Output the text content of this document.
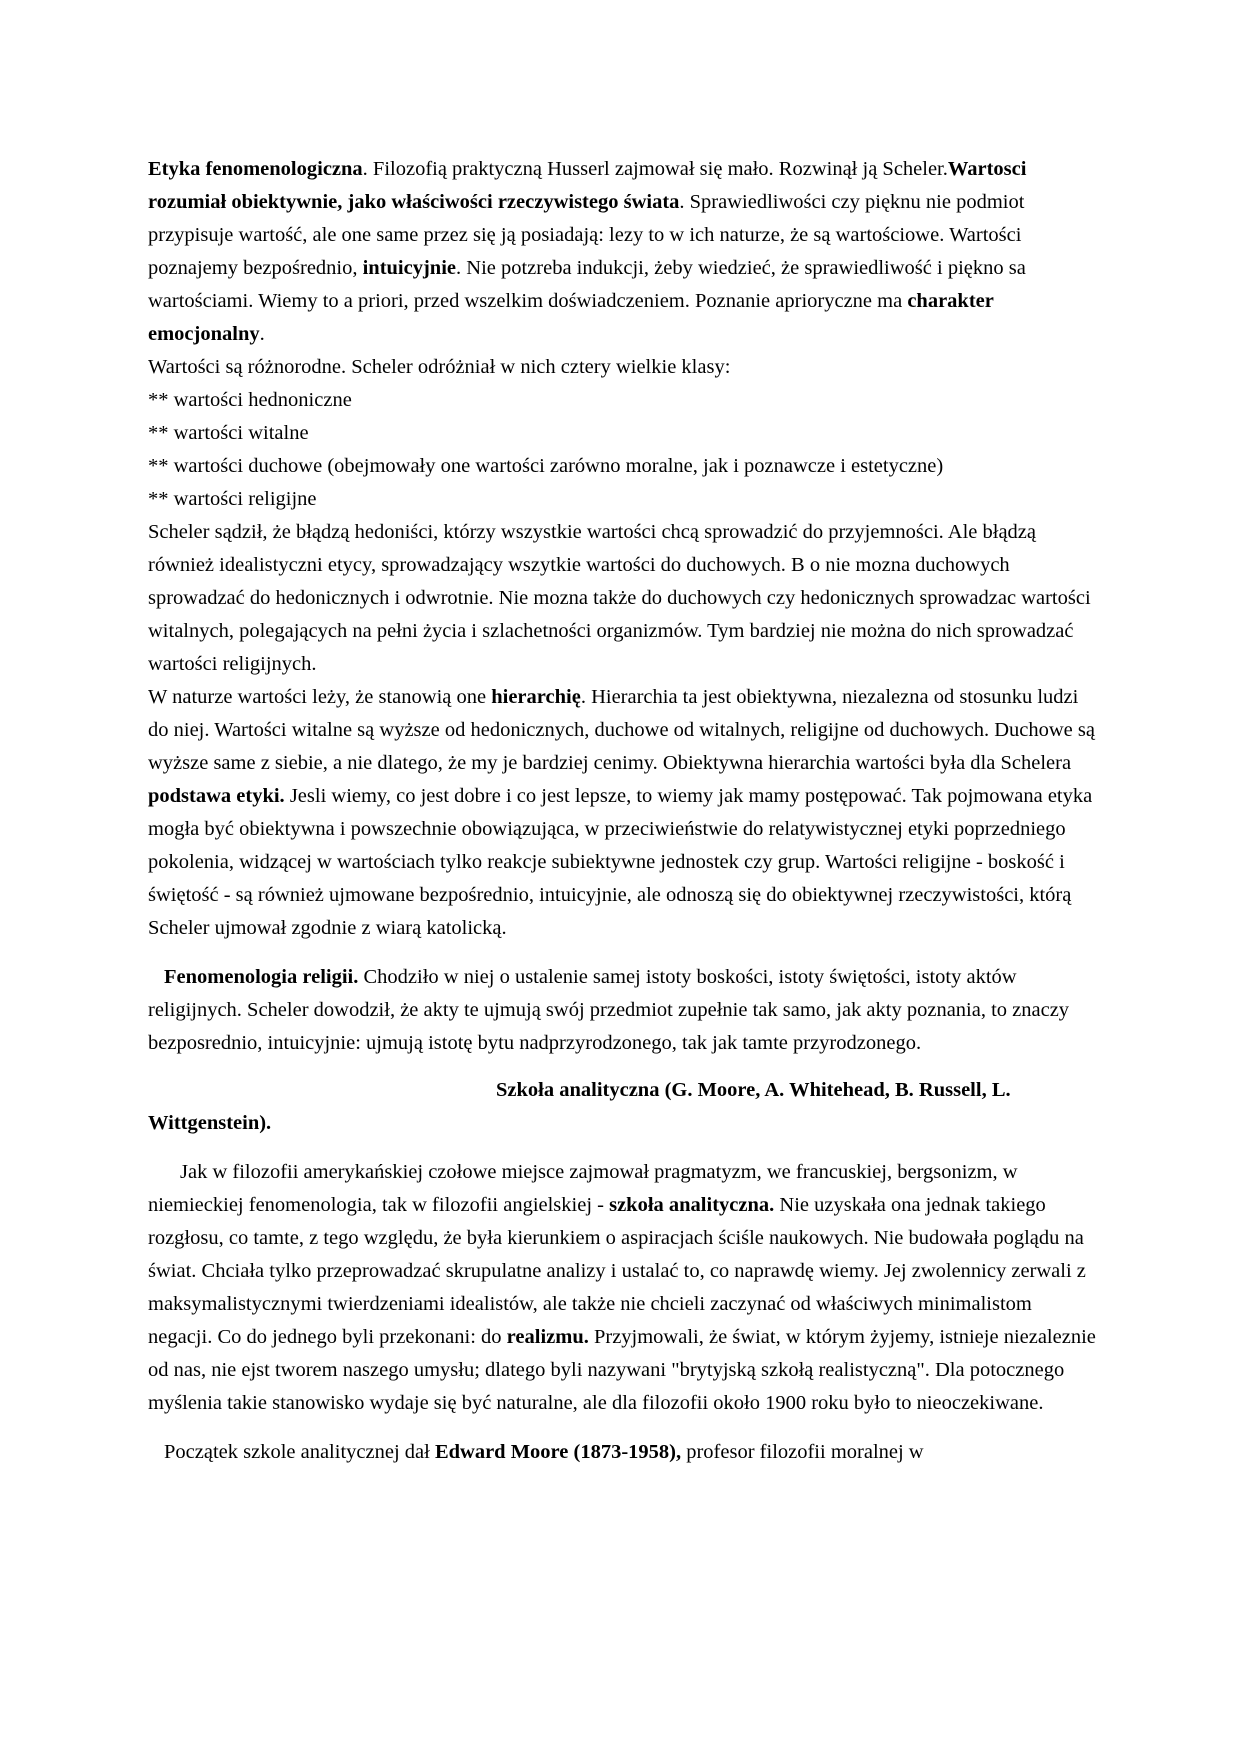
Etyka fenomenologiczna. Filozofią praktyczną Husserl zajmował się mało. Rozwinął ją Scheler.Wartosci rozumiał obiektywnie, jako właściwości rzeczywistego świata. Sprawiedliwości czy pięknu nie podmiot przypisuje wartość, ale one same przez się ją posiadają: lezy to w ich naturze, że są wartościowe. Wartości poznajemy bezpośrednio, intuicyjnie. Nie potzreba indukcji, żeby wiedzieć, że sprawiedliwość i piękno sa wartościami. Wiemy to a priori, przed wszelkim doświadczeniem. Poznanie aprioryczne ma charakter emocjonalny.

Wartości są różnorodne. Scheler odróżniał w nich cztery wielkie klasy:

** wartości hednoniczne

** wartości witalne

** wartości duchowe (obejmowały one wartości zarówno moralne, jak i poznawcze i estetyczne)

** wartości religijne

Scheler sądził, że błądzą hedoniści, którzy wszystkie wartości chcą sprowadzić do przyjemności. Ale błądzą również idealistyczni etycy, sprowadzający wszytkie wartości do duchowych. B o nie mozna duchowych sprowadzać do hedonicznych i odwrotnie. Nie mozna także do duchowych czy hedonicznych sprowadzac wartości witalnych, polegających na pełni życia i szlachetności organizmów. Tym bardziej nie można do nich sprowadzać wartości religijnych.

W naturze wartości leży, że stanowią one hierarchię. Hierarchia ta jest obiektywna, niezalezna od stosunku ludzi do niej. Wartości witalne są wyższe od hedonicznych, duchowe od witalnych, religijne od duchowych. Duchowe są wyższe same z siebie, a nie dlatego, że my je bardziej cenimy. Obiektywna hierarchia wartości była dla Schelera podstawa etyki. Jesli wiemy, co jest dobre i co jest lepsze, to wiemy jak mamy postępować. Tak pojmowana etyka mogła być obiektywna i powszechnie obowiązująca, w przeciwieństwie do relatywistycznej etyki poprzedniego pokolenia, widzącej w wartościach tylko reakcje subiektywne jednostek czy grup. Wartości religijne - boskość i świętość - są również ujmowane bezpośrednio, intuicyjnie, ale odnoszą się do obiektywnej rzeczywistości, którą Scheler ujmował zgodnie z wiarą katolicką.

Fenomenologia religii. Chodziło w niej o ustalenie samej istoty boskości, istoty świętości, istoty aktów religijnych. Scheler dowodził, że akty te ujmują swój przedmiot zupełnie tak samo, jak akty poznania, to znaczy bezposrednio, intuicyjnie: ujmują istotę bytu nadprzyrodzonego, tak jak tamte przyrodzonego.

Szkoła analityczna (G. Moore, A. Whitehead, B. Russell, L.
Wittgenstein).

Jak w filozofii amerykańskiej czołowe miejsce zajmował pragmatyzm, we francuskiej, bergsonizm, w niemieckiej fenomenologia, tak w filozofii angielskiej - szkoła analityczna. Nie uzyskała ona jednak takiego rozgłosu, co tamte, z tego względu, że była kierunkiem o aspiracjach ściśle naukowych. Nie budowała poglądu na świat. Chciała tylko przeprowadzać skrupulatne analizy i ustalać to, co naprawdę wiemy. Jej zwolennicy zerwali z maksymalistycznymi twierdzeniami idealistów, ale także nie chcieli zaczynać od właściwych minimalistom negacji. Co do jednego byli przekonani: do realizmu. Przyjmowali, że świat, w którym żyjemy, istnieje niezaleznie od nas, nie ejst tworem naszego umysłu; dlatego byli nazywani "brytyjską szkołą realistyczną". Dla potocznego myślenia takie stanowisko wydaje się być naturalne, ale dla filozofii około 1900 roku było to nieoczekiwane.

Początek szkole analitycznej dał Edward Moore (1873-1958), profesor filozofii moralnej w
